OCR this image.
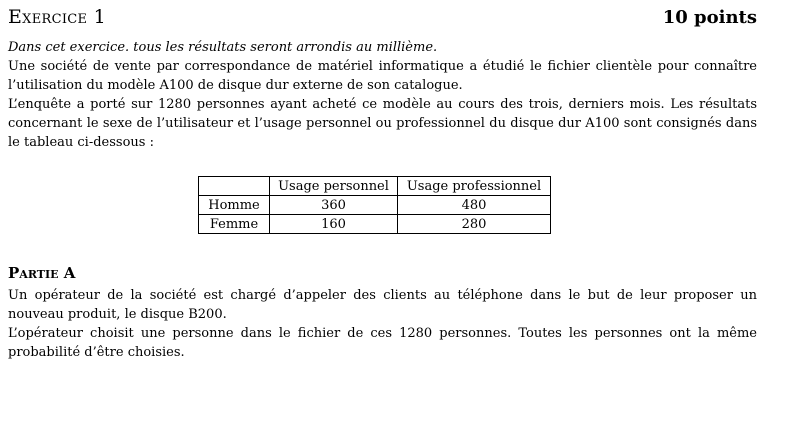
Exercice 1	10 points

Dans cet exercice. tous les résultats seront arrondis au millième.

Une société de vente par correspondance de matériel informatique a étudié le fichier clientèle pour connaître l’utilisation du modèle A100 de disque dur externe de son catalogue.

L’enquête a porté sur 1280 personnes ayant acheté ce modèle au cours des trois, derniers mois. Les résultats concernant le sexe de l’utilisateur et l’usage personnel ou professionnel du disque dur A100 sont consignés dans le tableau ci-dessous :

	Usage personnel	Usage professionnel
Homme	360	480
Femme	160	280
Partie A

Un opérateur de la société est chargé d’appeler des clients au téléphone dans le but de leur proposer un nouveau produit, le disque B200.

L’opérateur choisit une personne dans le fichier de ces 1280 personnes. Toutes les personnes ont la même probabilité d’être choisies.
